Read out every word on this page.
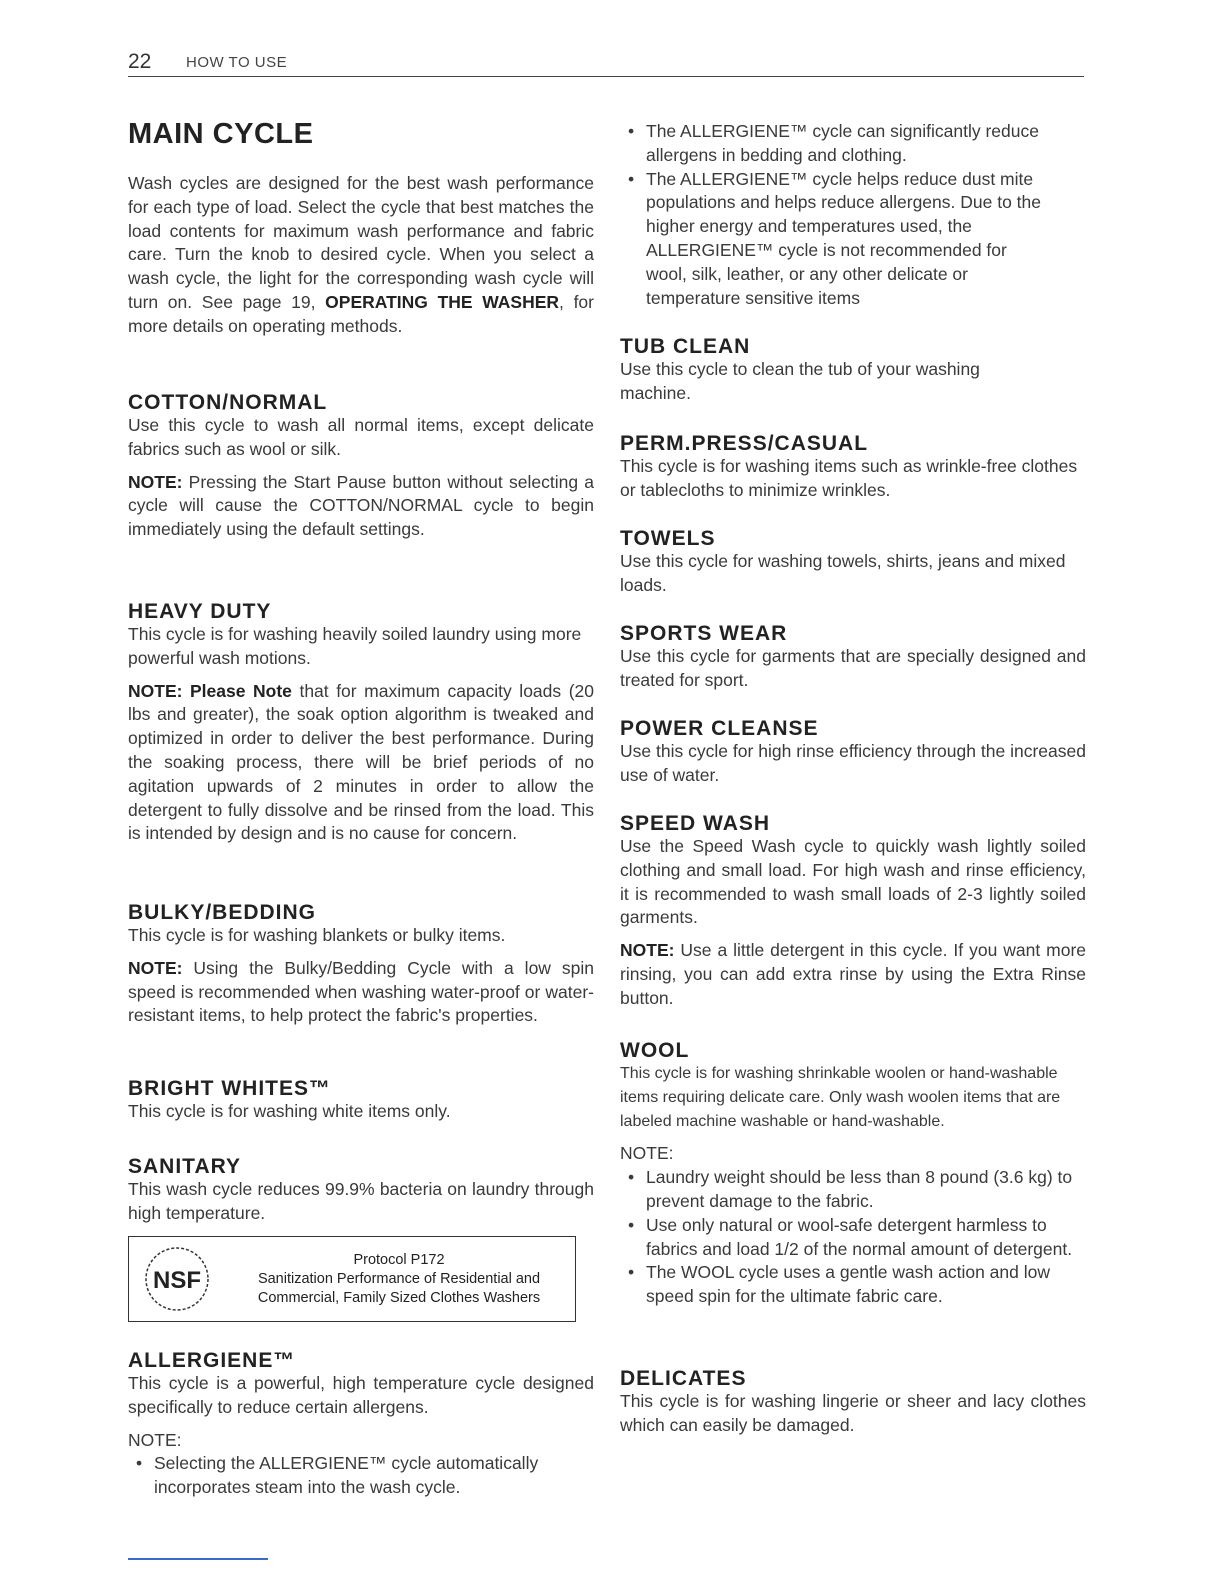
22 HOW TO USE
MAIN CYCLE

Wash cycles are designed for the best wash performance for each type of load. Select the cycle that best matches the load contents for maximum wash performance and fabric care. Turn the knob to desired cycle. When you select a wash cycle, the light for the corresponding wash cycle will turn on. See page 19, OPERATING THE WASHER, for more details on operating methods.

COTTON/NORMAL

Use this cycle to wash all normal items, except delicate fabrics such as wool or silk.

NOTE: Pressing the Start Pause button without selecting a cycle will cause the COTTON/NORMAL cycle to begin immediately using the default settings.

HEAVY DUTY

This cycle is for washing heavily soiled laundry using more powerful wash motions.

NOTE: Please Note that for maximum capacity loads (20 lbs and greater), the soak option algorithm is tweaked and optimized in order to deliver the best performance. During the soaking process, there will be brief periods of no agitation upwards of 2 minutes in order to allow the detergent to fully dissolve and be rinsed from the load. This is intended by design and is no cause for concern.

BULKY/BEDDING

This cycle is for washing blankets or bulky items.

NOTE: Using the Bulky/Bedding Cycle with a low spin speed is recommended when washing water-proof or water-resistant items, to help protect the fabric's properties.

BRIGHT WHITES™

This cycle is for washing white items only.

SANITARY

This wash cycle reduces 99.9% bacteria on laundry through high temperature.

NSF
Protocol P172
Sanitization Performance of Residential and
Commercial, Family Sized Clothes Washers
ALLERGIENE™

This cycle is a powerful, high temperature cycle designed specifically to reduce certain allergens.

NOTE:

• Selecting the ALLERGIENE™ cycle automatically incorporates steam into the wash cycle.
• The ALLERGIENE™ cycle can significantly reduce allergens in bedding and clothing.
• The ALLERGIENE™ cycle helps reduce dust mite populations and helps reduce allergens. Due to the higher energy and temperatures used, the ALLERGIENE™ cycle is not recommended for wool, silk, leather, or any other delicate or temperature sensitive items
TUB CLEAN

Use this cycle to clean the tub of your washing machine.

PERM.PRESS/CASUAL

This cycle is for washing items such as wrinkle-free clothes or tablecloths to minimize wrinkles.

TOWELS

Use this cycle for washing towels, shirts, jeans and mixed loads.

SPORTS WEAR

Use this cycle for garments that are specially designed and treated for sport.

POWER CLEANSE

Use this cycle for high rinse efficiency through the increased use of water.

SPEED WASH

Use the Speed Wash cycle to quickly wash lightly soiled clothing and small load. For high wash and rinse efficiency, it is recommended to wash small loads of 2-3 lightly soiled garments.

NOTE: Use a little detergent in this cycle. If you want more rinsing, you can add extra rinse by using the Extra Rinse button.

WOOL

This cycle is for washing shrinkable woolen or hand-washable items requiring delicate care. Only wash woolen items that are labeled machine washable or hand-washable.

NOTE:

• Laundry weight should be less than 8 pound (3.6 kg) to prevent damage to the fabric.
• Use only natural or wool-safe detergent harmless to fabrics and load 1/2 of the normal amount of detergent.
• The WOOL cycle uses a gentle wash action and low speed spin for the ultimate fabric care.
DELICATES

This cycle is for washing lingerie or sheer and lacy clothes which can easily be damaged.
